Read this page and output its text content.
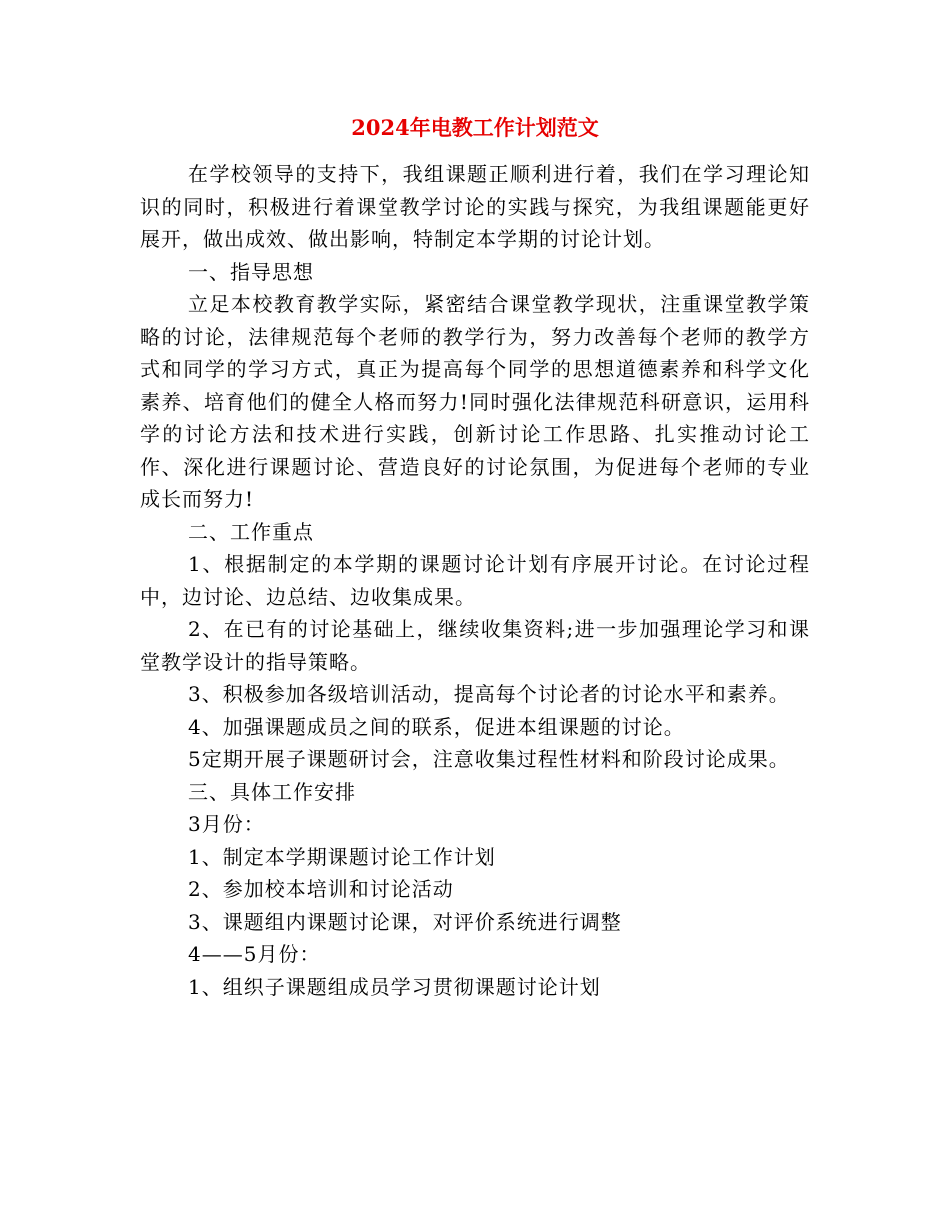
2024年电教工作计划范文

在学校领导的支持下，我组课题正顺利进行着，我们在学习理论知识的同时，积极进行着课堂教学讨论的实践与探究，为我组课题能更好展开，做出成效、做出影响，特制定本学期的讨论计划。

一、指导思想

立足本校教育教学实际，紧密结合课堂教学现状，注重课堂教学策略的讨论，法律规范每个老师的教学行为，努力改善每个老师的教学方式和同学的学习方式，真正为提高每个同学的思想道德素养和科学文化素养、培育他们的健全人格而努力!同时强化法律规范科研意识，运用科学的讨论方法和技术进行实践，创新讨论工作思路、扎实推动讨论工作、深化进行课题讨论、营造良好的讨论氛围，为促进每个老师的专业成长而努力!

二、工作重点

1、根据制定的本学期的课题讨论计划有序展开讨论。在讨论过程中，边讨论、边总结、边收集成果。

2、在已有的讨论基础上，继续收集资料;进一步加强理论学习和课堂教学设计的指导策略。

3、积极参加各级培训活动，提高每个讨论者的讨论水平和素养。

4、加强课题成员之间的联系，促进本组课题的讨论。

5定期开展子课题研讨会，注意收集过程性材料和阶段讨论成果。

三、具体工作安排

3月份：

1、制定本学期课题讨论工作计划

2、参加校本培训和讨论活动

3、课题组内课题讨论课，对评价系统进行调整

4——5月份：

1、组织子课题组成员学习贯彻课题讨论计划
